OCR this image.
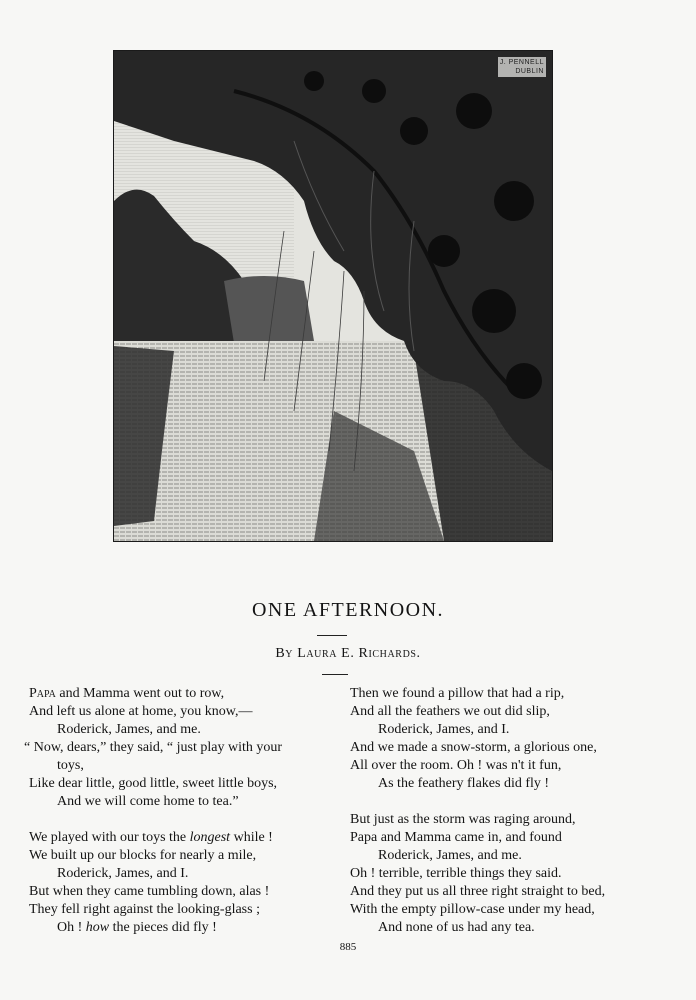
J. PENNELL
DUBLIN
ONE AFTERNOON.
By Laura E. Richards.
Papa and Mamma went out to row,
And left us alone at home, you know,—
Roderick, James, and me.
“ Now, dears,” they said, “ just play with your
toys,
Like dear little, good little, sweet little boys,
And we will come home to tea.”
We played with our toys the longest while !
We built up our blocks for nearly a mile,
Roderick, James, and I.
But when they came tumbling down, alas !
They fell right against the looking-glass ;
Oh ! how the pieces did fly !
Then we found a pillow that had a rip,
And all the feathers we out did slip,
Roderick, James, and I.
And we made a snow-storm, a glorious one,
All over the room. Oh ! was n't it fun,
As the feathery flakes did fly !
But just as the storm was raging around,
Papa and Mamma came in, and found
Roderick, James, and me.
Oh ! terrible, terrible things they said.
And they put us all three right straight to bed,
With the empty pillow-case under my head,
And none of us had any tea.
885
